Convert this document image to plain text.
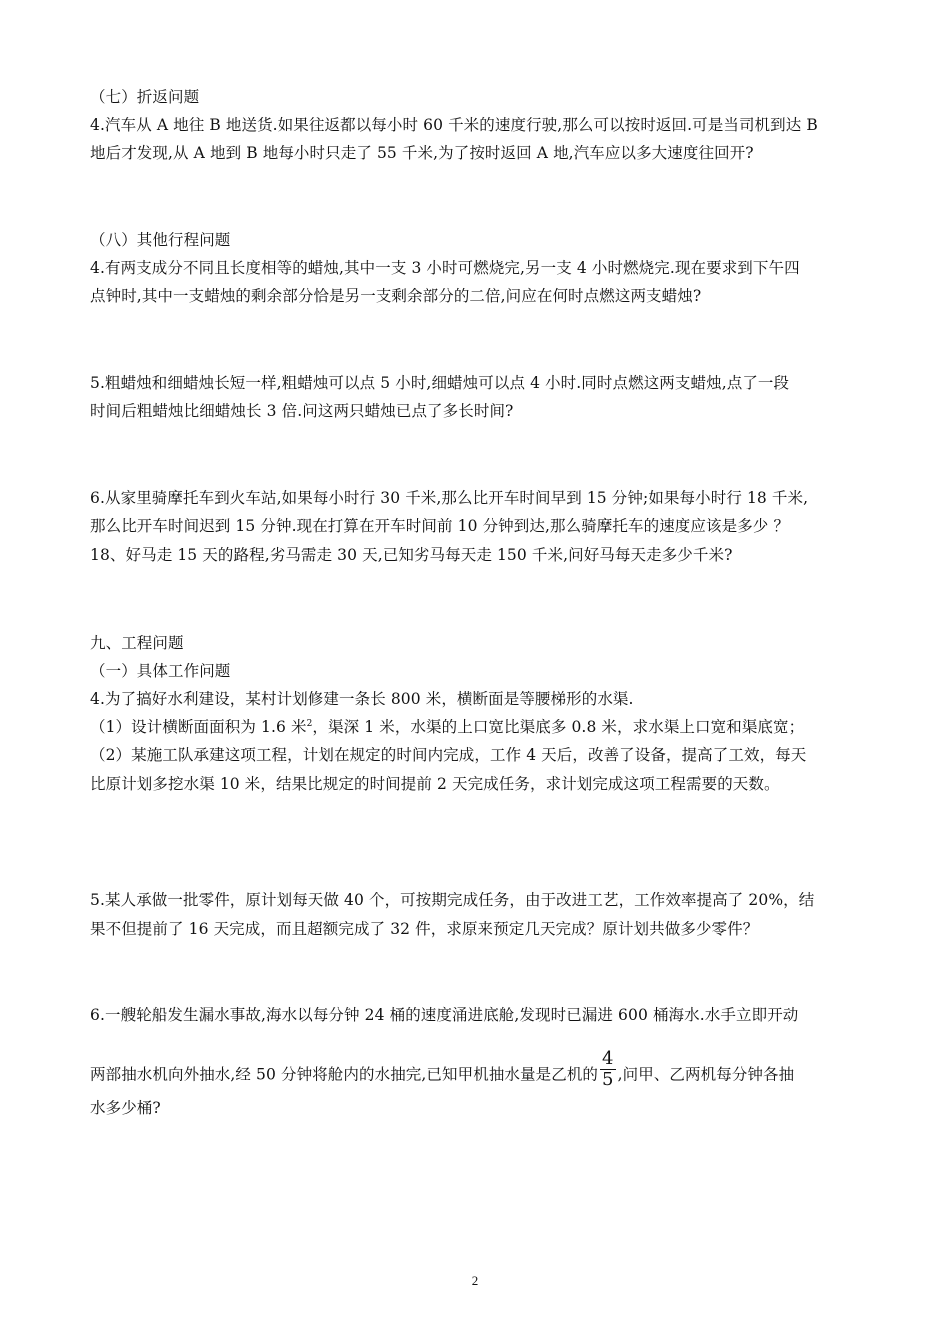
（七）折返问题
4.汽车从 A 地往 B 地送货.如果往返都以每小时 60 千米的速度行驶,那么可以按时返回.可是当司机到达 B
地后才发现,从 A 地到 B 地每小时只走了 55 千米,为了按时返回 A 地,汽车应以多大速度往回开?
（八）其他行程问题
4.有两支成分不同且长度相等的蜡烛,其中一支 3 小时可燃烧完,另一支 4 小时燃烧完.现在要求到下午四
点钟时,其中一支蜡烛的剩余部分恰是另一支剩余部分的二倍,问应在何时点燃这两支蜡烛?
5.粗蜡烛和细蜡烛长短一样,粗蜡烛可以点 5 小时,细蜡烛可以点 4 小时.同时点燃这两支蜡烛,点了一段
时间后粗蜡烛比细蜡烛长 3 倍.问这两只蜡烛已点了多长时间?
6.从家里骑摩托车到火车站,如果每小时行 30 千米,那么比开车时间早到 15 分钟;如果每小时行 18 千米,
那么比开车时间迟到 15 分钟.现在打算在开车时间前 10 分钟到达,那么骑摩托车的速度应该是多少 ？
18、好马走 15 天的路程,劣马需走 30 天,已知劣马每天走 150 千米,问好马每天走多少千米?
九、工程问题
（一）具体工作问题
4.为了搞好水利建设，某村计划修建一条长 800 米，横断面是等腰梯形的水渠.
（1）设计横断面面积为 1.6 米$^2$，渠深 1 米，水渠的上口宽比渠底多 0.8 米，求水渠上口宽和渠底宽；
（2）某施工队承建这项工程，计划在规定的时间内完成，工作 4 天后，改善了设备，提高了工效，每天
比原计划多挖水渠 10 米，结果比规定的时间提前 2 天完成任务，求计划完成这项工程需要的天数。
5.某人承做一批零件，原计划每天做 40 个，可按期完成任务，由于改进工艺，工作效率提高了 20%，结
果不但提前了 16 天完成，而且超额完成了 32 件，求原来预定几天完成？原计划共做多少零件？
6.一艘轮船发生漏水事故,海水以每分钟 24 桶的速度涌进底舱,发现时已漏进 600 桶海水.水手立即开动
两部抽水机向外抽水,经 50 分钟将舱内的水抽完,已知甲机抽水量是乙机的 $\frac{4}{5}$ ,问甲、乙两机每分钟各抽
水多少桶?
2
